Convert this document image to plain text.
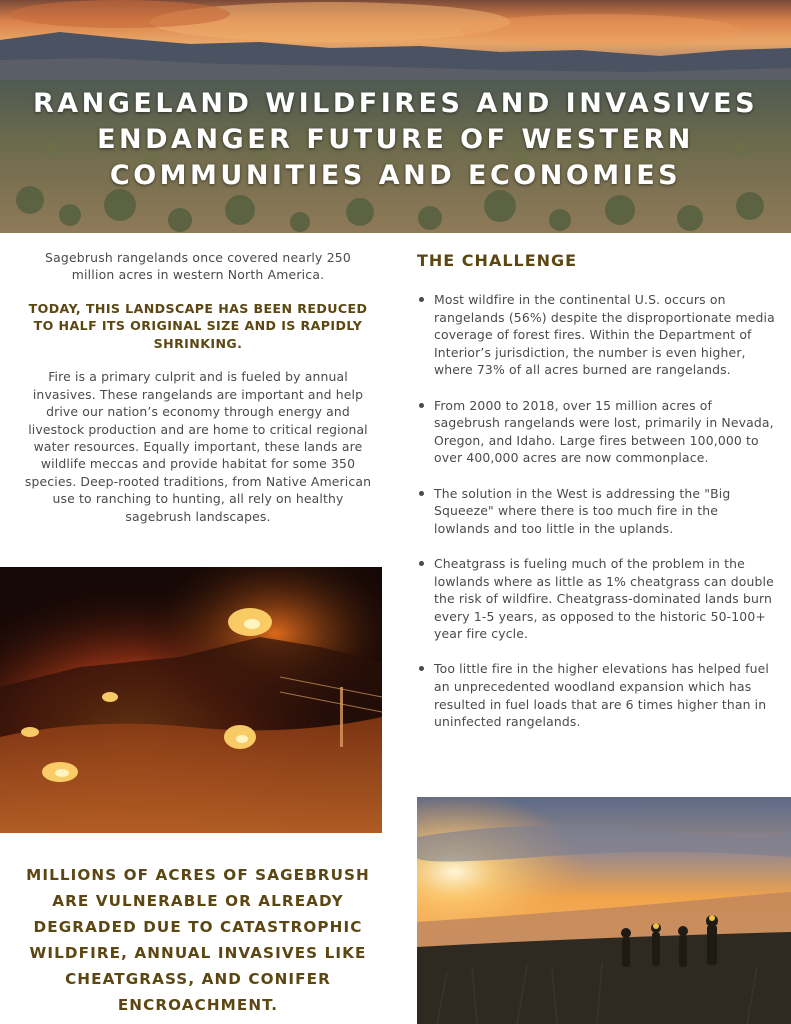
RANGELAND WILDFIRES AND INVASIVES
ENDANGER FUTURE OF WESTERN
COMMUNITIES AND ECONOMIES

Sagebrush rangelands once covered nearly 250 million acres in western North America.

TODAY, THIS LANDSCAPE HAS BEEN REDUCED TO HALF ITS ORIGINAL SIZE AND IS RAPIDLY SHRINKING.

Fire is a primary culprit and is fueled by annual invasives. These rangelands are important and help drive our nation’s economy through energy and livestock production and are home to critical regional water resources. Equally important, these lands are wildlife meccas and provide habitat for some 350 species. Deep-rooted traditions, from Native American use to ranching to hunting, all rely on healthy sagebrush landscapes.

THE CHALLENGE
Most wildfire in the continental U.S. occurs on rangelands (56%) despite the disproportionate media coverage of forest fires. Within the Department of Interior’s jurisdiction, the number is even higher, where 73% of all acres burned are rangelands.
From 2000 to 2018, over 15 million acres of sagebrush rangelands were lost, primarily in Nevada, Oregon, and Idaho. Large fires between 100,000 to over 400,000 acres are now commonplace.
The solution in the West is addressing the "Big Squeeze" where there is too much fire in the lowlands and too little in the uplands.
Cheatgrass is fueling much of the problem in the lowlands where as little as 1% cheatgrass can double the risk of wildfire. Cheatgrass-dominated lands burn every 1-5 years, as opposed to the historic 50-100+ year fire cycle.
Too little fire in the higher elevations has helped fuel an unprecedented woodland expansion which has resulted in fuel loads that are 6 times higher than in uninfected rangelands.
MILLIONS OF ACRES OF SAGEBRUSH ARE VULNERABLE OR ALREADY DEGRADED DUE TO CATASTROPHIC WILDFIRE, ANNUAL INVASIVES LIKE CHEATGRASS, AND CONIFER ENCROACHMENT.
